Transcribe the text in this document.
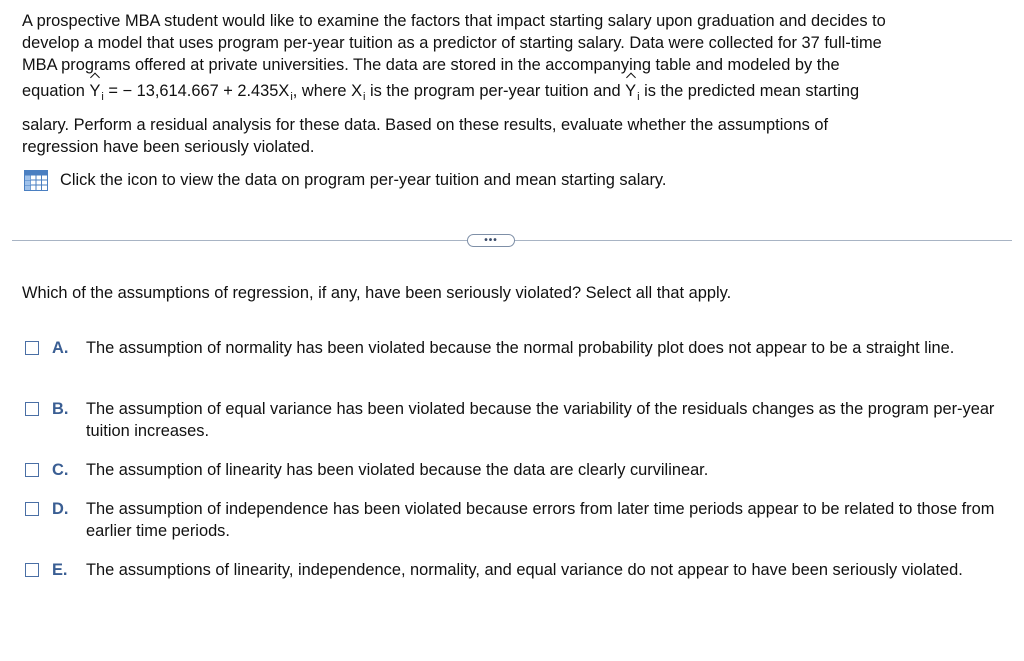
A prospective MBA student would like to examine the factors that impact starting salary upon graduation and decides to
develop a model that uses program per-year tuition as a predictor of starting salary. Data were collected for 37 full-time
MBA programs offered at private universities. The data are stored in the accompanying table and modeled by the
equation $Y_i$ = − $13,614.667 + 2.435X_i$, where $X_i$ is the program per-year tuition and $Y_i$ is the predicted mean starting
salary. Perform a residual analysis for these data. Based on these results, evaluate whether the assumptions of
regression have been seriously violated.

Click the icon to view the data on program per-year tuition and mean starting salary.
•••
Which of the assumptions of regression, if any, have been seriously violated? Select all that apply.
A.	The assumption of normality has been violated because the normal probability plot does not appear to be a straight line.
B.	The assumption of equal variance has been violated because the variability of the residuals changes as the program per-year tuition increases.
C.	The assumption of linearity has been violated because the data are clearly curvilinear.
D.	The assumption of independence has been violated because errors from later time periods appear to be related to those from earlier time periods.
E.	The assumptions of linearity, independence, normality, and equal variance do not appear to have been seriously violated.
